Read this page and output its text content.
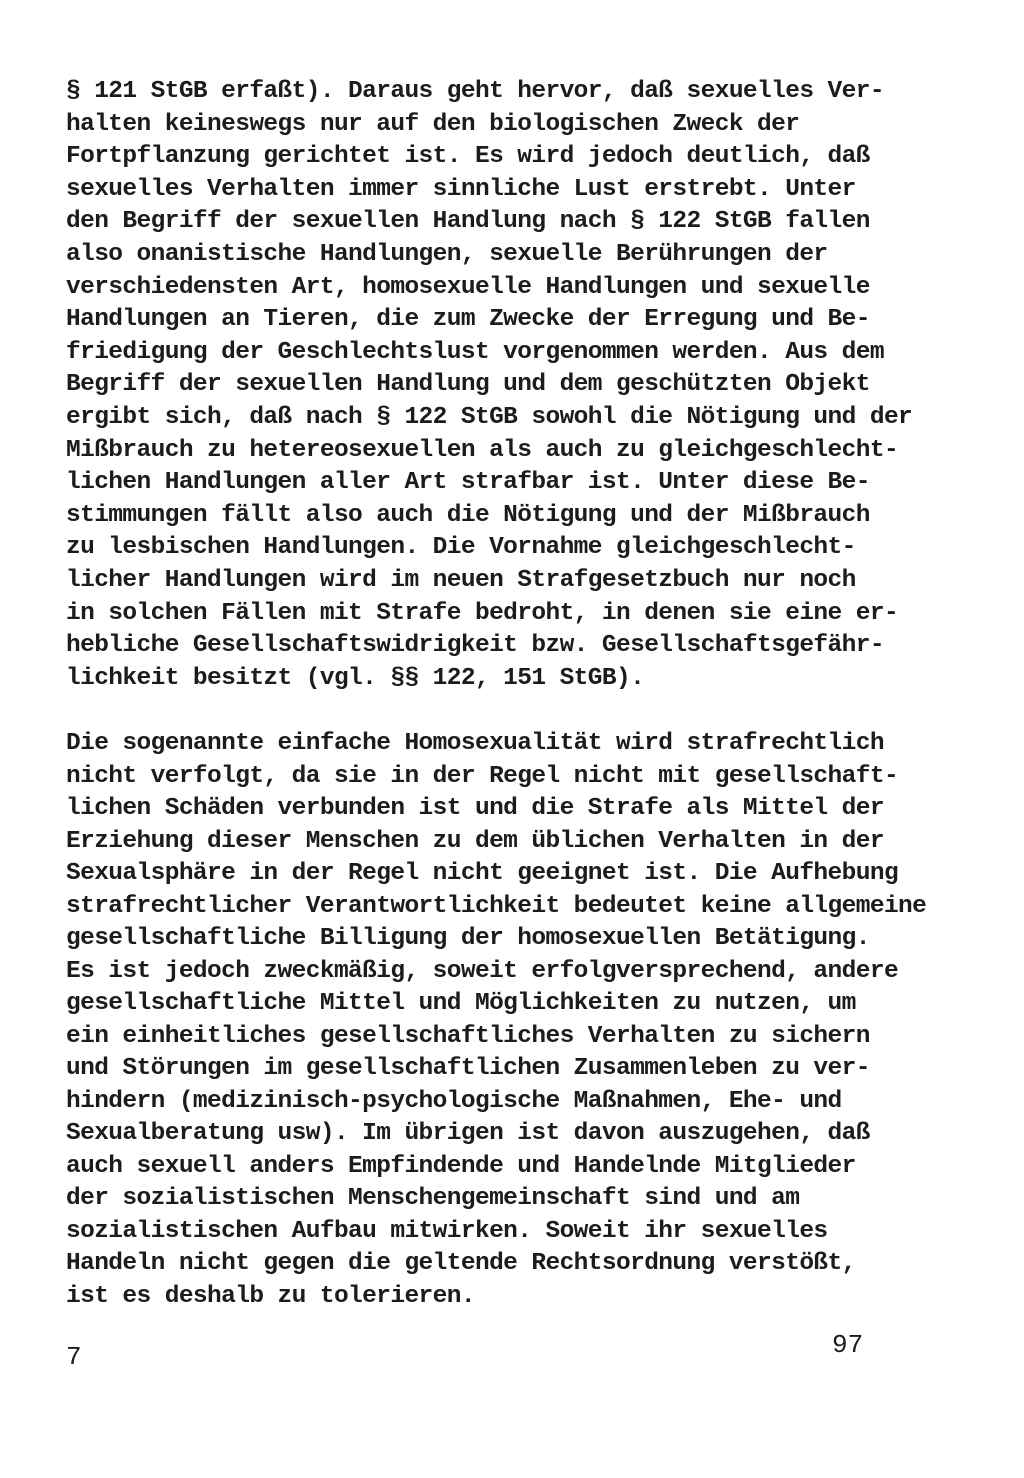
§ 121 StGB erfaßt). Daraus geht hervor, daß sexuelles Ver-
halten keineswegs nur auf den biologischen Zweck der
Fortpflanzung gerichtet ist. Es wird jedoch deutlich, daß
sexuelles Verhalten immer sinnliche Lust erstrebt. Unter
den Begriff der sexuellen Handlung nach § 122 StGB fallen
also onanistische Handlungen, sexuelle Berührungen der
verschiedensten Art, homosexuelle Handlungen und sexuelle
Handlungen an Tieren, die zum Zwecke der Erregung und Be-
friedigung der Geschlechtslust vorgenommen werden. Aus dem
Begriff der sexuellen Handlung und dem geschützten Objekt
ergibt sich, daß nach § 122 StGB sowohl die Nötigung und der
Mißbrauch zu hetereosexuellen als auch zu gleichgeschlecht-
lichen Handlungen aller Art strafbar ist. Unter diese Be-
stimmungen fällt also auch die Nötigung und der Mißbrauch
zu lesbischen Handlungen. Die Vornahme gleichgeschlecht-
licher Handlungen wird im neuen Strafgesetzbuch nur noch
in solchen Fällen mit Strafe bedroht, in denen sie eine er-
hebliche Gesellschaftswidrigkeit bzw. Gesellschaftsgefähr-
lichkeit besitzt (vgl. §§ 122, 151 StGB).
Die sogenannte einfache Homosexualität wird strafrechtlich
nicht verfolgt, da sie in der Regel nicht mit gesellschaft-
lichen Schäden verbunden ist und die Strafe als Mittel der
Erziehung dieser Menschen zu dem üblichen Verhalten in der
Sexualsphäre in der Regel nicht geeignet ist. Die Aufhebung
strafrechtlicher Verantwortlichkeit bedeutet keine allgemeine
gesellschaftliche Billigung der homosexuellen Betätigung.
Es ist jedoch zweckmäßig, soweit erfolgversprechend, andere
gesellschaftliche Mittel und Möglichkeiten zu nutzen, um
ein einheitliches gesellschaftliches Verhalten zu sichern
und Störungen im gesellschaftlichen Zusammenleben zu ver-
hindern (medizinisch-psychologische Maßnahmen, Ehe- und
Sexualberatung usw). Im übrigen ist davon auszugehen, daß
auch sexuell anders Empfindende und Handelnde Mitglieder
der sozialistischen Menschengemeinschaft sind und am
sozialistischen Aufbau mitwirken. Soweit ihr sexuelles
Handeln nicht gegen die geltende Rechtsordnung verstößt,
ist es deshalb zu tolerieren.
7	97
